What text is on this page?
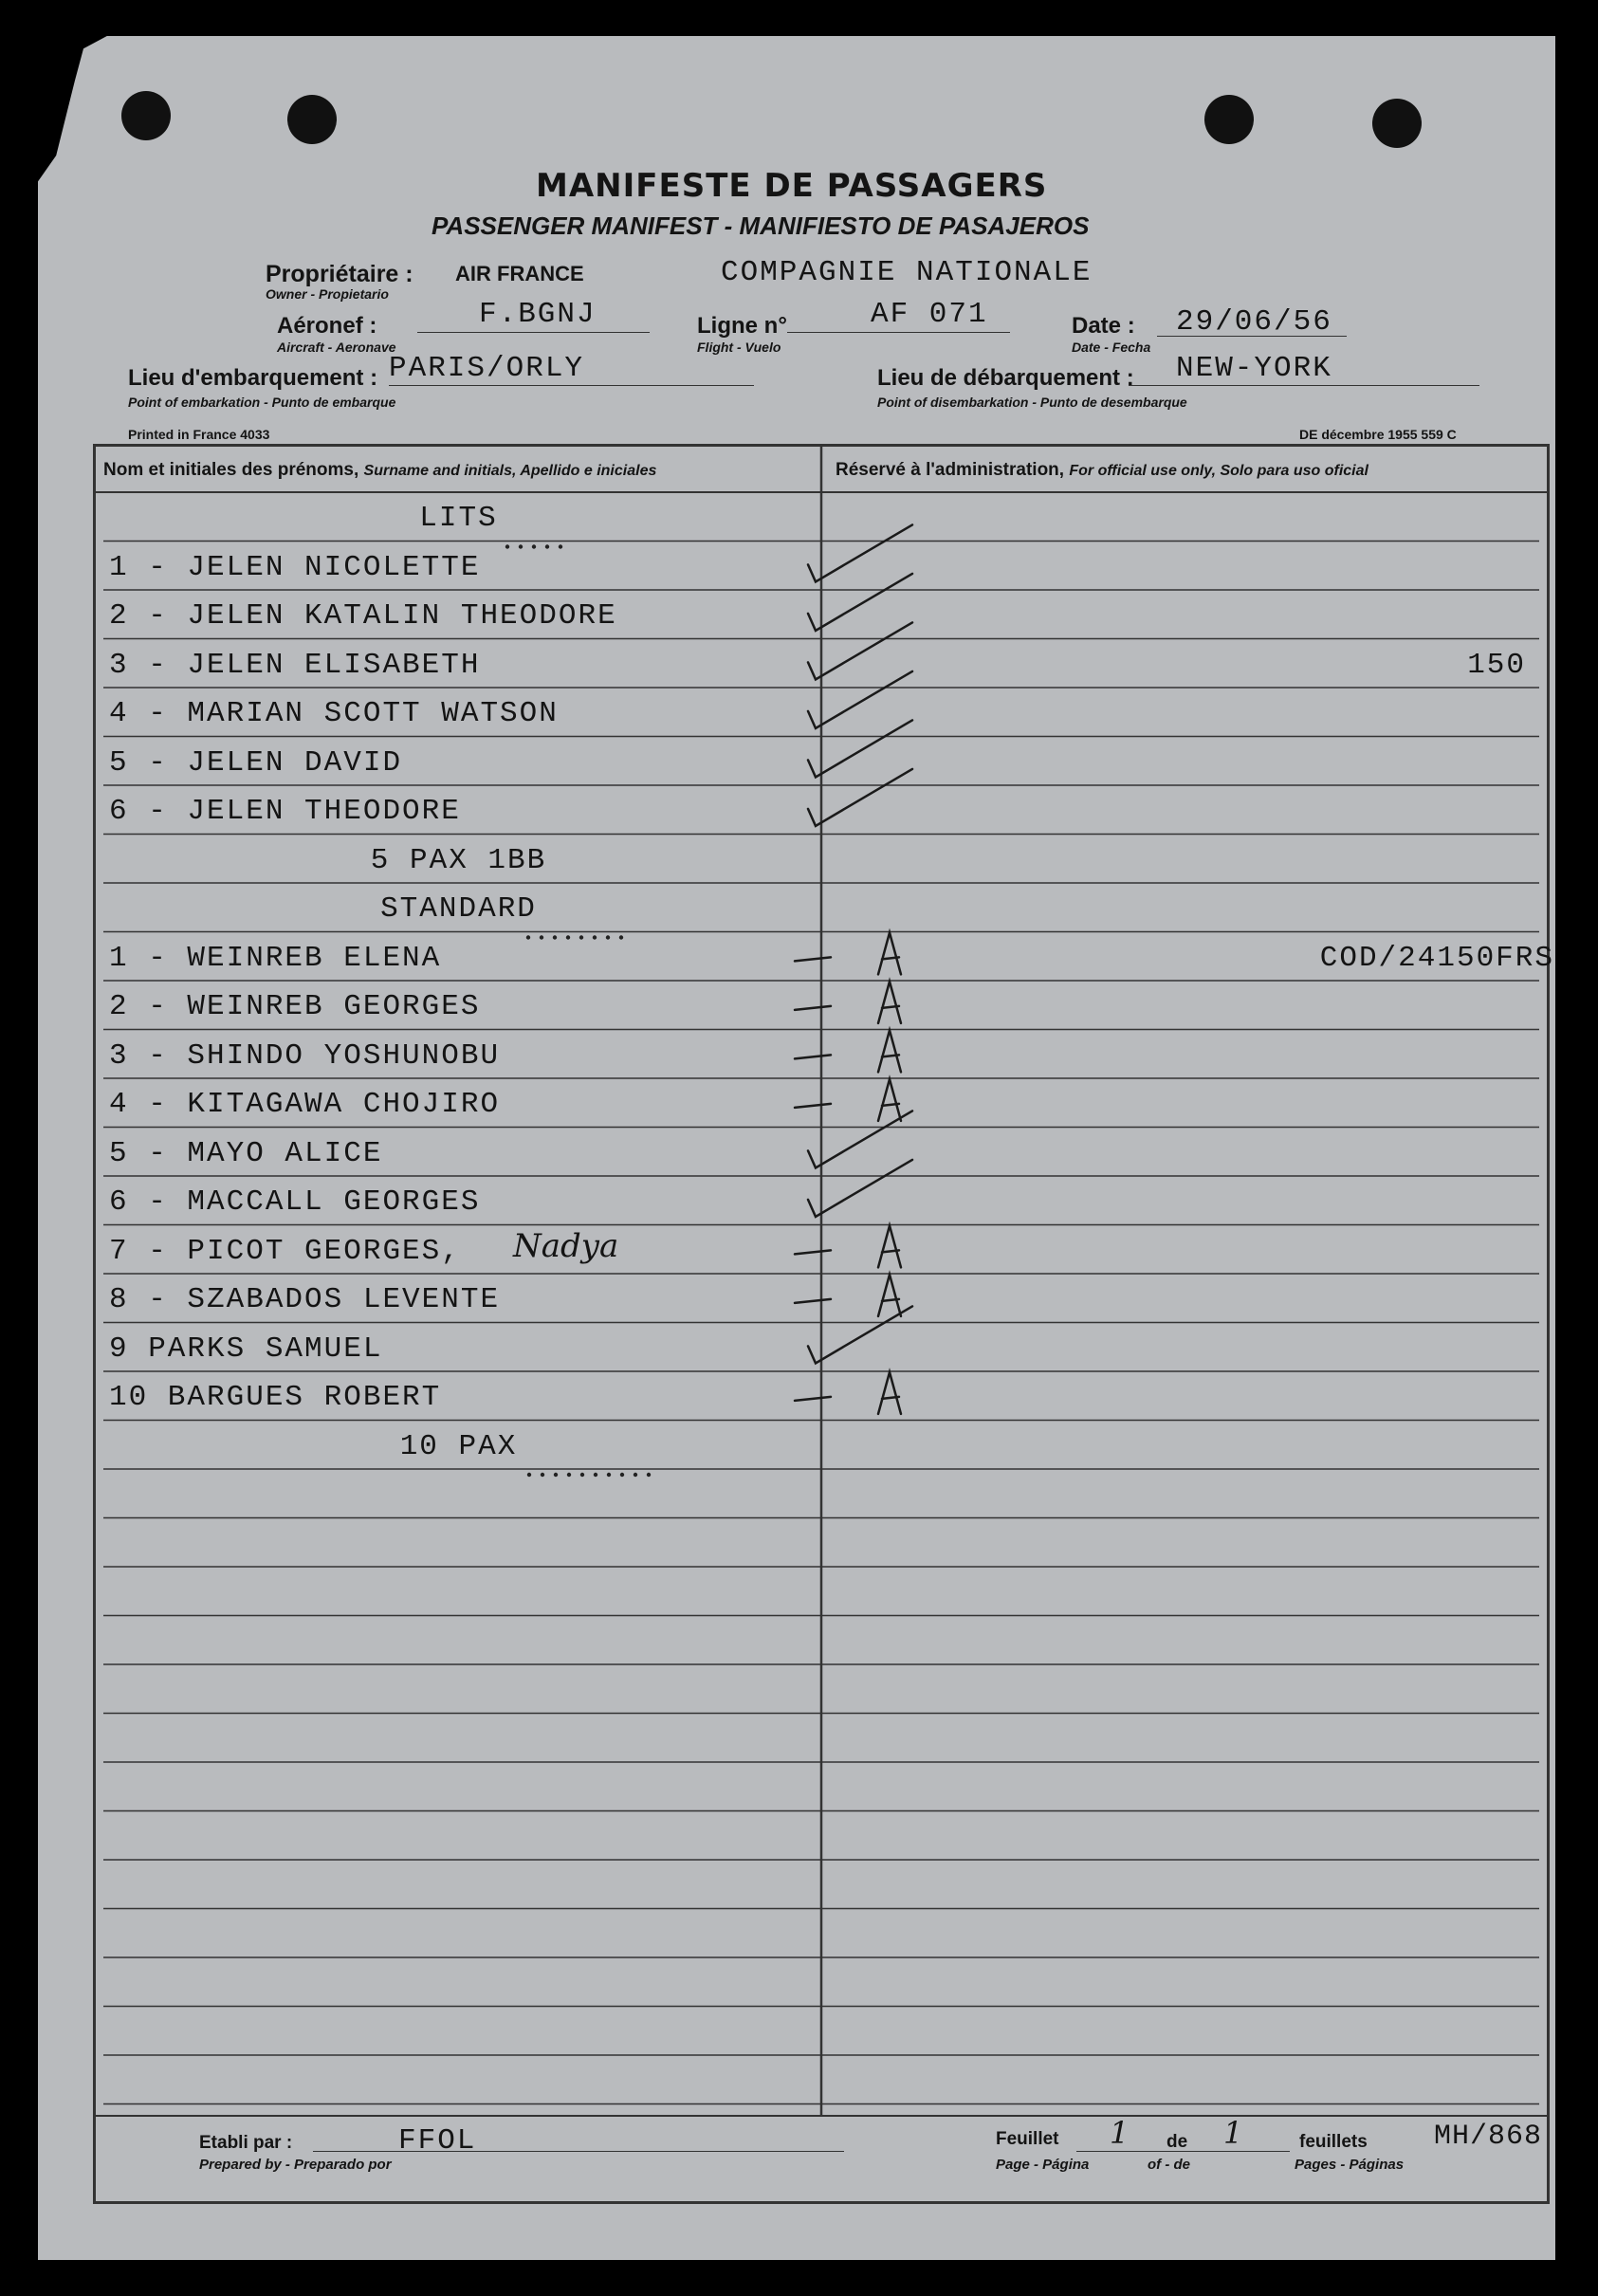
MANIFESTE DE PASSAGERS
PASSENGER MANIFEST - MANIFIESTO DE PASAJEROS
Propriétaire : AIR FRANCE	COMPAGNIE NATIONALE
Owner - Propietario
Aéronef :	F.BGNJ
Aircraft - Aeronave
Ligne n°	AF 071
Flight - Vuelo
Date : 29/06/56
Date - Fecha
Lieu d'embarquement : PARIS/ORLY
Point of embarkation - Punto de embarque
Lieu de débarquement : NEW-YORK
Point of disembarkation - Punto de desembarque
Printed in France 4033	DE décembre 1955 559 C
Nom et initiales des prénoms, Surname and initials, Apellido e iniciales	Réservé à l'administration, For official use only, Solo para uso oficial
LITS
1 - JELEN NICOLETTE
2 - JELEN KATALIN THEODORE
3 - JELEN ELISABETH	150
4 - MARIAN SCOTT WATSON
5 - JELEN DAVID
6 - JELEN THEODORE
5 PAX 1BB
STANDARD
1 - WEINREB ELENA	COD/24150FRS
2 - WEINREB GEORGES
3 - SHINDO YOSHUNOBU
4 - KITAGAWA CHOJIRO
5 - MAYO ALICE
6 - MACCALL GEORGES
7 - PICOT GEORGES, Nadya
8 - SZABADOS LEVENTE
9 PARKS SAMUEL
10 BARGUES ROBERT
10 PAX
Etabli par :	FFOL
Prepared by - Preparado por
Feuillet 1 de 1	feuillets MH/868
Page - Página	of - de	Pages - Páginas
